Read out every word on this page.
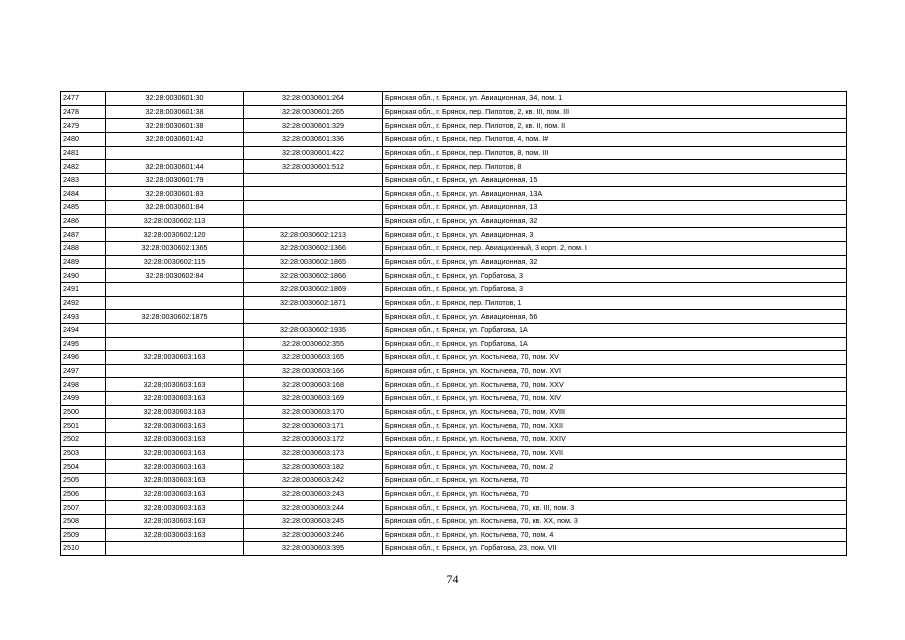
2477	32:28:0030601:30	32:28:0030601:264	Брянская обл., г. Брянск, ул. Авиационная, 34, пом. 1
2478	32:28:0030601:38	32:28:0030601:265	Брянская обл., г. Брянск, пер. Пилотов, 2, кв. III, пом. III
2479	32:28:0030601:38	32:28:0030601:329	Брянская обл., г. Брянск, пер. Пилотов, 2, кв. II, пом. II
2480	32:28:0030601:42	32:28:0030601:336	Брянская обл., г. Брянск, пер. Пилотов, 4, пом. I#
2481		32:28:0030601:422	Брянская обл., г. Брянск, пер. Пилотов, 8, пом. III
2482	32:28:0030601:44	32:28:0030601:512	Брянская обл., г. Брянск, пер. Пилотов, 8
2483	32:28:0030601:79		Брянская обл., г. Брянск, ул. Авиационная, 15
2484	32:28:0030601:83		Брянская обл., г. Брянск, ул. Авиационная, 13А
2485	32:28:0030601:84		Брянская обл., г. Брянск, ул. Авиационная, 13
2486	32:28:0030602:113		Брянская обл., г. Брянск, ул. Авиационная, 32
2487	32:28:0030602:120	32:28:0030602:1213	Брянская обл., г. Брянск, ул. Авиационная, 3
2488	32:28:0030602:1365	32:28:0030602:1366	Брянская обл., г. Брянск, пер. Авиационный, 3 корп. 2, пом. I
2489	32:28:0030602:115	32:28:0030602:1865	Брянская обл., г. Брянск, ул. Авиационная, 32
2490	32:28:0030602:84	32:28:0030602:1866	Брянская обл., г. Брянск, ул. Горбатова, 3
2491		32:28:0030602:1869	Брянская обл., г. Брянск, ул. Горбатова, 3
2492		32:28:0030602:1871	Брянская обл., г. Брянск, пер. Пилотов, 1
2493	32:28:0030602:1875		Брянская обл., г. Брянск, ул. Авиационная, 56
2494		32:28:0030602:1935	Брянская обл., г. Брянск, ул. Горбатова, 1А
2495		32:28:0030602:355	Брянская обл., г. Брянск, ул. Горбатова, 1А
2496	32:28:0030603:163	32:28:0030603:165	Брянская обл., г. Брянск, ул. Костычева, 70, пом. XV
2497		32:28:0030603:166	Брянская обл., г. Брянск, ул. Костычева, 70, пом. XVI
2498	32:28:0030603:163	32:28:0030603:168	Брянская обл., г. Брянск, ул. Костычева, 70, пом. XXV
2499	32:28:0030603:163	32:28:0030603:169	Брянская обл., г. Брянск, ул. Костычева, 70, пом. XIV
2500	32:28:0030603:163	32:28:0030603:170	Брянская обл., г. Брянск, ул. Костычева, 70, пом. XVIII
2501	32:28:0030603:163	32:28:0030603:171	Брянская обл., г. Брянск, ул. Костычева, 70, пом. XXII
2502	32:28:0030603:163	32:28:0030603:172	Брянская обл., г. Брянск, ул. Костычева, 70, пом. XXIV
2503	32:28:0030603:163	32:28:0030603:173	Брянская обл., г. Брянск, ул. Костычева, 70, пом. XVII
2504	32:28:0030603:163	32:28:0030603:182	Брянская обл., г. Брянск, ул. Костычева, 70, пом. 2
2505	32:28:0030603:163	32:28:0030603:242	Брянская обл., г. Брянск, ул. Костычева, 70
2506	32:28:0030603:163	32:28:0030603:243	Брянская обл., г. Брянск, ул. Костычева, 70
2507	32:28:0030603:163	32:28:0030603:244	Брянская обл., г. Брянск, ул. Костычева, 70, кв. III, пом. 3
2508	32:28:0030603:163	32:28:0030603:245	Брянская обл., г. Брянск, ул. Костычева, 70, кв. XX, пом. 3
2509	32:28:0030603:163	32:28:0030603:246	Брянская обл., г. Брянск, ул. Костычева, 70, пом. 4
2510		32:28:0030603:395	Брянская обл., г. Брянск, ул. Горбатова, 23, пом. VII
74
